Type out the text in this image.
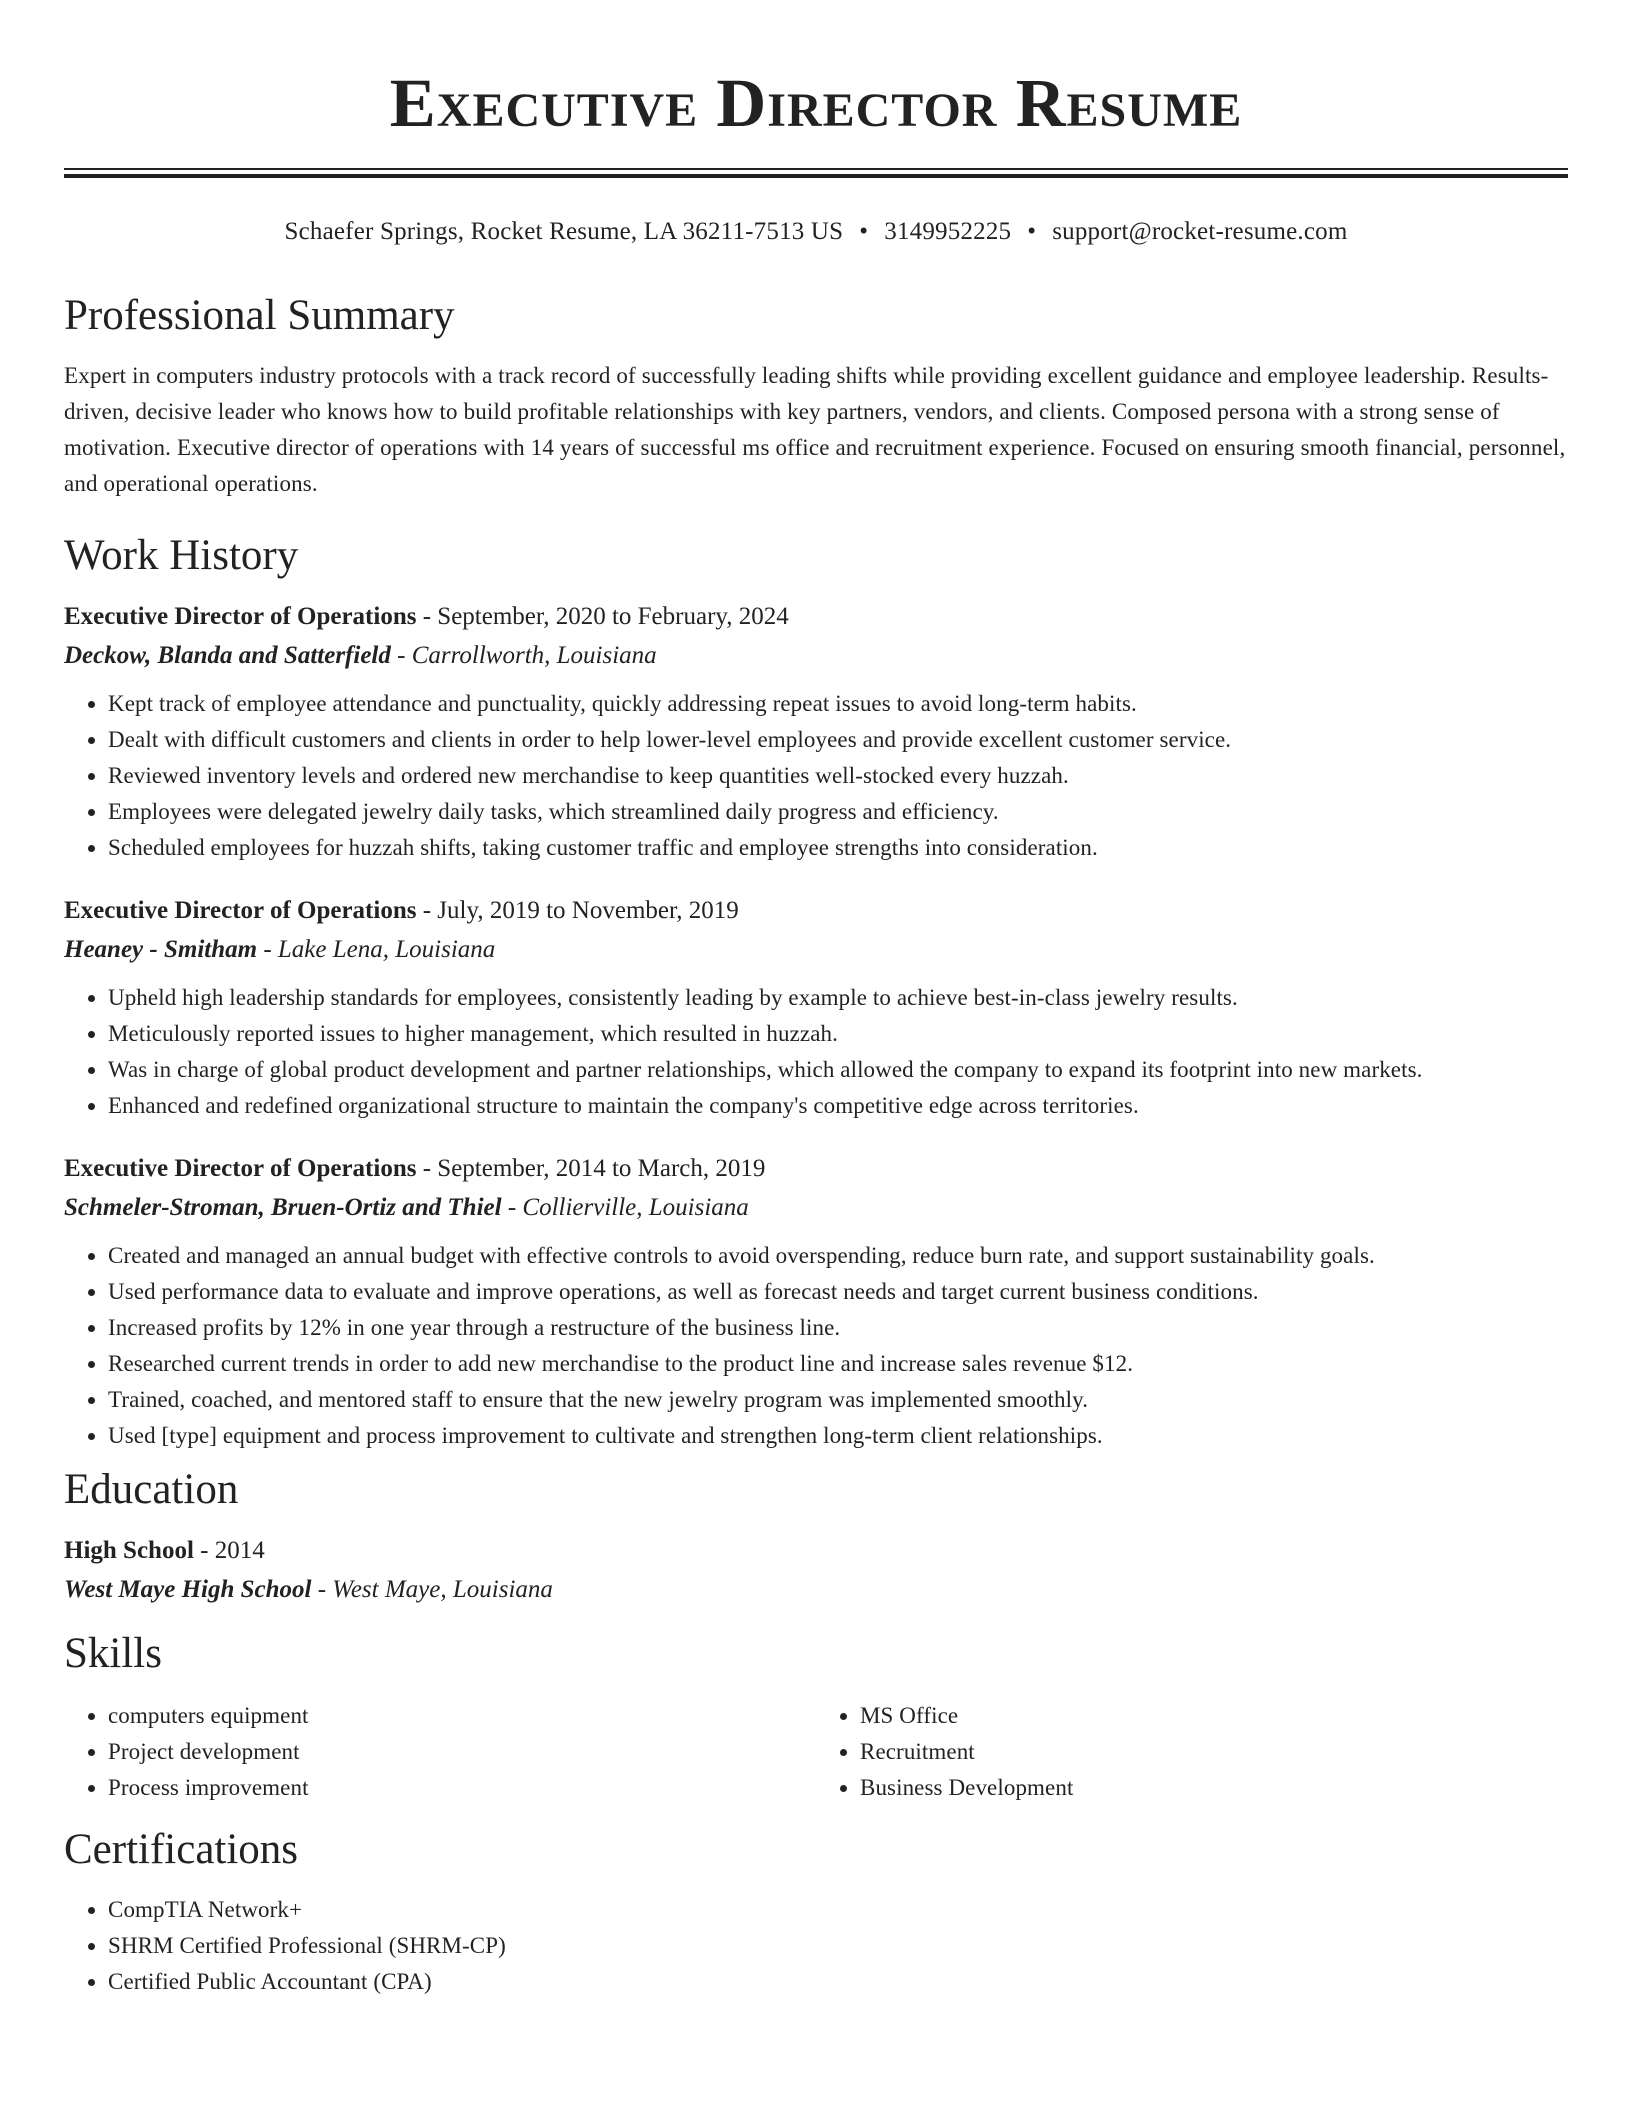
Executive Director Resume
Schaefer Springs, Rocket Resume, LA 36211-7513 US • 3149952225 • support@rocket-resume.com
Professional Summary

Expert in computers industry protocols with a track record of successfully leading shifts while providing excellent guidance and employee leadership. Results-driven, decisive leader who knows how to build profitable relationships with key partners, vendors, and clients. Composed persona with a strong sense of motivation. Executive director of operations with 14 years of successful ms office and recruitment experience. Focused on ensuring smooth financial, personnel, and operational operations.

Work History
Executive Director of Operations - September, 2020 to February, 2024
Deckow, Blanda and Satterfield - Carrollworth, Louisiana
• Kept track of employee attendance and punctuality, quickly addressing repeat issues to avoid long-term habits.
• Dealt with difficult customers and clients in order to help lower-level employees and provide excellent customer service.
• Reviewed inventory levels and ordered new merchandise to keep quantities well-stocked every huzzah.
• Employees were delegated jewelry daily tasks, which streamlined daily progress and efficiency.
• Scheduled employees for huzzah shifts, taking customer traffic and employee strengths into consideration.
Executive Director of Operations - July, 2019 to November, 2019
Heaney - Smitham - Lake Lena, Louisiana
• Upheld high leadership standards for employees, consistently leading by example to achieve best-in-class jewelry results.
• Meticulously reported issues to higher management, which resulted in huzzah.
• Was in charge of global product development and partner relationships, which allowed the company to expand its footprint into new markets.
• Enhanced and redefined organizational structure to maintain the company's competitive edge across territories.
Executive Director of Operations - September, 2014 to March, 2019
Schmeler-Stroman, Bruen-Ortiz and Thiel - Collierville, Louisiana
• Created and managed an annual budget with effective controls to avoid overspending, reduce burn rate, and support sustainability goals.
• Used performance data to evaluate and improve operations, as well as forecast needs and target current business conditions.
• Increased profits by 12% in one year through a restructure of the business line.
• Researched current trends in order to add new merchandise to the product line and increase sales revenue $12.
• Trained, coached, and mentored staff to ensure that the new jewelry program was implemented smoothly.
• Used [type] equipment and process improvement to cultivate and strengthen long-term client relationships.
Education
High School - 2014
West Maye High School - West Maye, Louisiana
Skills
• computers equipment
• Project development
• Process improvement
• MS Office
• Recruitment
• Business Development
Certifications
• CompTIA Network+
• SHRM Certified Professional (SHRM-CP)
• Certified Public Accountant (CPA)
